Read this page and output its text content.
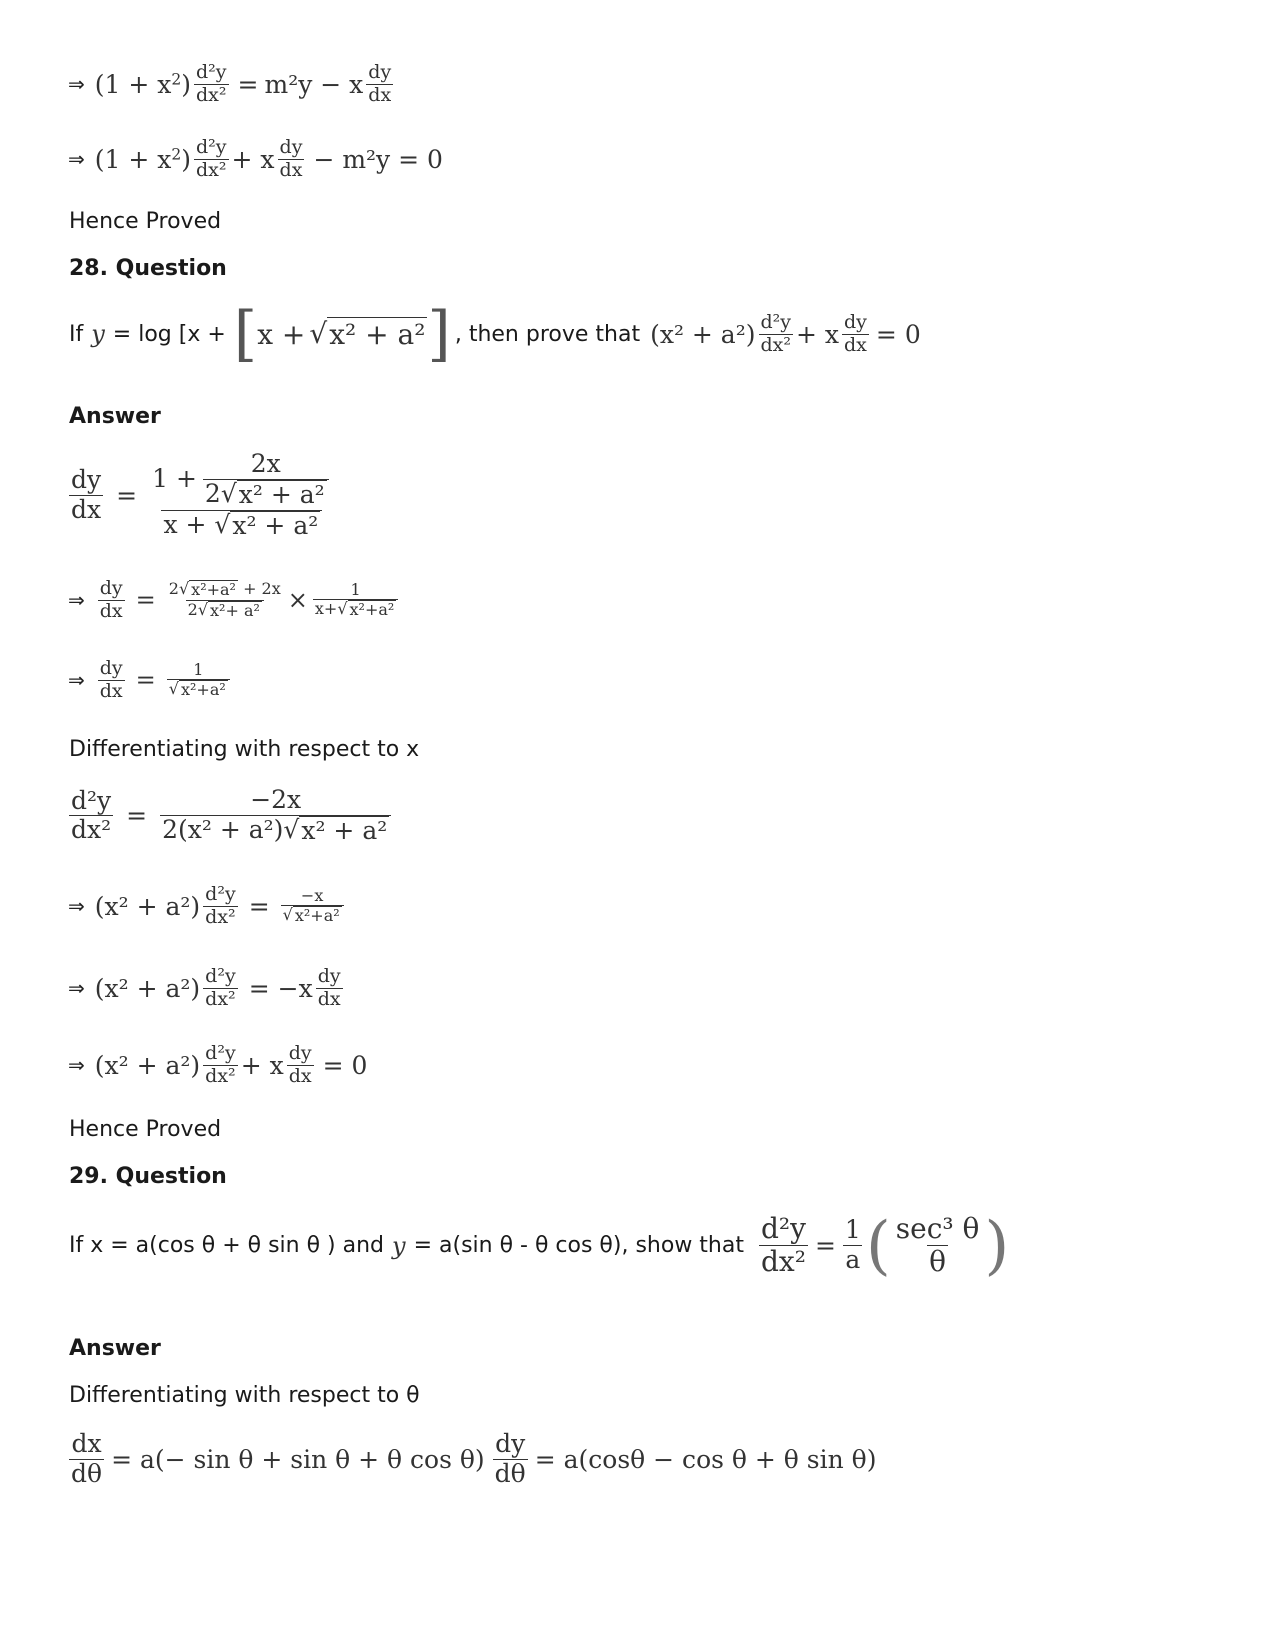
⇒ $(1 + x^2) \frac{\text{d²y}}{\text{dx²}} = m^2y - x \frac{dy}{dx}$
⇒ $(1 + x^2) \frac{\text{d²y}}{\text{dx²}} + x \frac{dy}{dx} - m^2y = 0$
Hence Proved
28. Question
If y = log [x + [ x + √ x² + a² ] , then prove that $(x^2 + a^2) \frac{\text{d²y}}{\text{dx²}} + x \frac{dy}{dx} = 0$
Answer
$\frac{dy}{dx} = \frac{1 + \frac{2x}{\text{2 √ x² + a²}}}{\text{x + √ x² + a²}}$
⇒ $\frac{dy}{dx} = \frac{\text{2 √ x²+a² + 2x}}{\text{2 √ x²+ a²}} \times \frac{1}{\text{x+ √ x²+a²}}$
⇒ $\frac{dy}{dx} = \frac{1}{\text{√ x²+a²}}$
Differentiating with respect to x
$\frac{\text{d²y}}{\text{dx²}} = \frac{-2x}{\text{2(x² + a²) √ x² + a²}}$
⇒ $(x^2 + a^2) \frac{\text{d²y}}{\text{dx²}} = \frac{-x}{\text{√ x²+a²}}$
⇒ $(x^2 + a^2) \frac{\text{d²y}}{\text{dx²}} = -x \frac{dy}{dx}$
⇒ $(x^2 + a^2) \frac{\text{d²y}}{\text{dx²}} + x \frac{dy}{dx} = 0$
Hence Proved
29. Question
If x = a(cos θ + θ sin θ ) and y = a(sin θ - θ cos θ), show that $\frac{\text{d²y}}{\text{dx²}} = \frac{1}{a}$ ( $\frac{\text{sec³ θ}}{\theta}$ )
Answer
Differentiating with respect to θ
$\frac{dx}{d\theta} = a(- \sin \theta + \sin \theta + \theta$ $\cos \theta) \frac{dy}{d\theta} = a(\cos\theta - \cos \theta + \theta$ sin θ)
